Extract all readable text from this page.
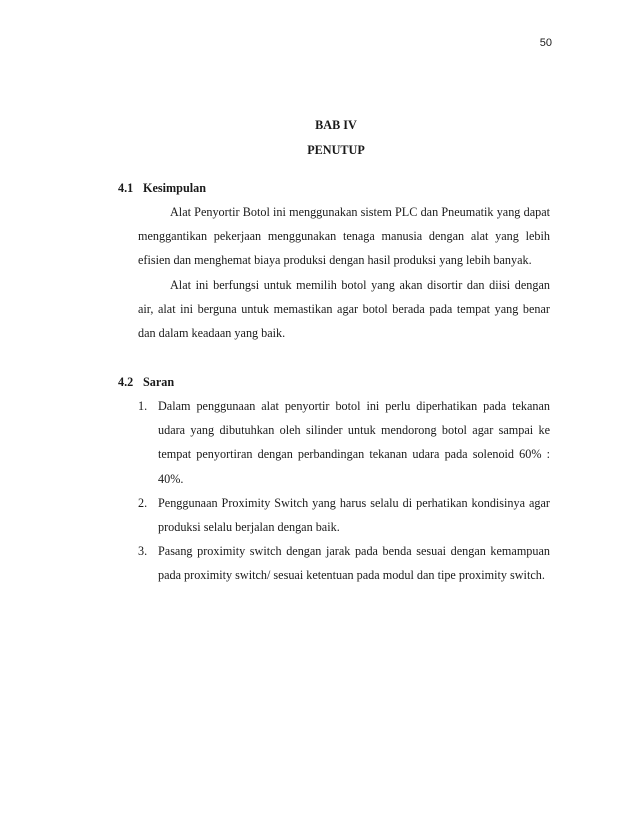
50
BAB IV
PENUTUP
4.1 Kesimpulan

Alat Penyortir Botol ini menggunakan sistem PLC dan Pneumatik yang dapat menggantikan pekerjaan menggunakan tenaga manusia dengan alat yang lebih efisien dan menghemat biaya produksi dengan hasil produksi yang lebih banyak.

Alat ini berfungsi untuk memilih botol yang akan disortir dan diisi dengan air, alat ini berguna untuk memastikan agar botol berada pada tempat yang benar dan dalam keadaan yang baik.

4.2 Saran
1. Dalam penggunaan alat penyortir botol ini perlu diperhatikan pada tekanan udara yang dibutuhkan oleh silinder untuk mendorong botol agar sampai ke tempat penyortiran dengan perbandingan tekanan udara pada solenoid 60% : 40%.
2. Penggunaan Proximity Switch yang harus selalu di perhatikan kondisinya agar produksi selalu berjalan dengan baik.
3. Pasang proximity switch dengan jarak pada benda sesuai dengan kemampuan pada proximity switch/ sesuai ketentuan pada modul dan tipe proximity switch.
